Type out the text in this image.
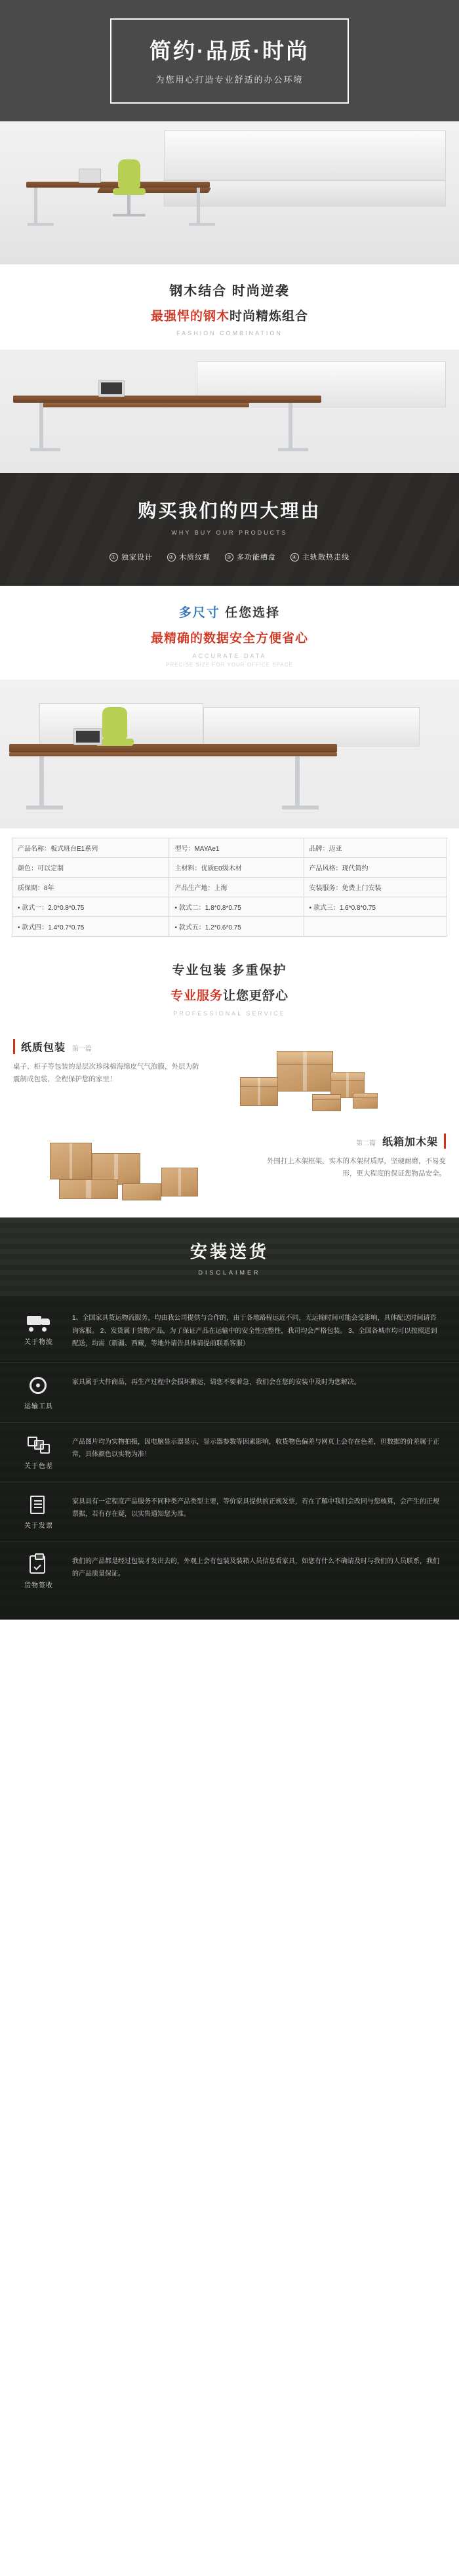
简约·品质·时尚
为您用心打造专业舒适的办公环境
钢木结合 时尚逆袭
最强悍的钢木时尚精炼组合
FASHION COMBINATION
购买我们的四大理由
WHY BUY OUR PRODUCTS
① 独家设计	② 木质纹理	③ 多功能槽盒	④ 主轨散热走线
多尺寸 任您选择
最精确的数据安全方便省心
ACCURATE DATA
PRECISE SIZE FOR YOUR OFFICE SPACE
产品名称：板式班台E1系列	型号：MAYAe1	品牌：迈亚
颜色：可以定制	主材料：优质E0级木材	产品风格：现代简约
质保期：8年	产品生产地：上海	安装服务：免费上门安装
• 款式一：2.0*0.8*0.75	• 款式二：1.8*0.8*0.75	• 款式三：1.6*0.8*0.75
• 款式四：1.4*0.7*0.75	• 款式五：1.2*0.6*0.75	
专业包装 多重保护
专业服务让您更舒心
PROFESSIONAL SERVICE
纸质包装 第一篇
桌子、柜子等包装的是层次珍珠棉海绵皮气气泡膜，外层为防震制成包装，全程保护您的家里！
第二篇 纸箱加木架
外围打上木架框架，实木的木架材质厚，坚硬耐磨，不易变形，更大程度的保证您物品安全。
安装送货
DISCLAIMER
关于物流
1、全国家具货运物流服务，均由我公司提供与合作的，由于各地路程远近不同，无运输时间可能会受影响，具体配送时间请咨询客服。 2、发货属于货物产品，为了保证产品在运输中的安全性完整性，我司均会严格包装。 3、全国各城市均可以按照送到配送，均需（新疆、西藏，等地外请告具体请提前联系客服）
运输工具
家具属于大件商品，再生产过程中会损坏搬运，请您不要着急，我们会在您的安装中及时为您解决。
关于色差
产品图片均为实物拍摄，因电脑显示器显示，显示器参数等因素影响，收货物色偏差与网页上会存在色差，但数据的价差属于正常，具体颜色以实物为准！
关于发票
家具具有一定程度产品服务不同种类产品类型主要，等价家具提供的正规发票，若在了解中我们会改同与您核算，会产生的正规票据，若有存在疑，以实售通知您为准。
货物签收
我们的产品都是经过包装才发出去的，外观上会有包装及装箱人员信息看家具，如您有什么不确请及时与我们的人员联系，我们的产品质量保证。
